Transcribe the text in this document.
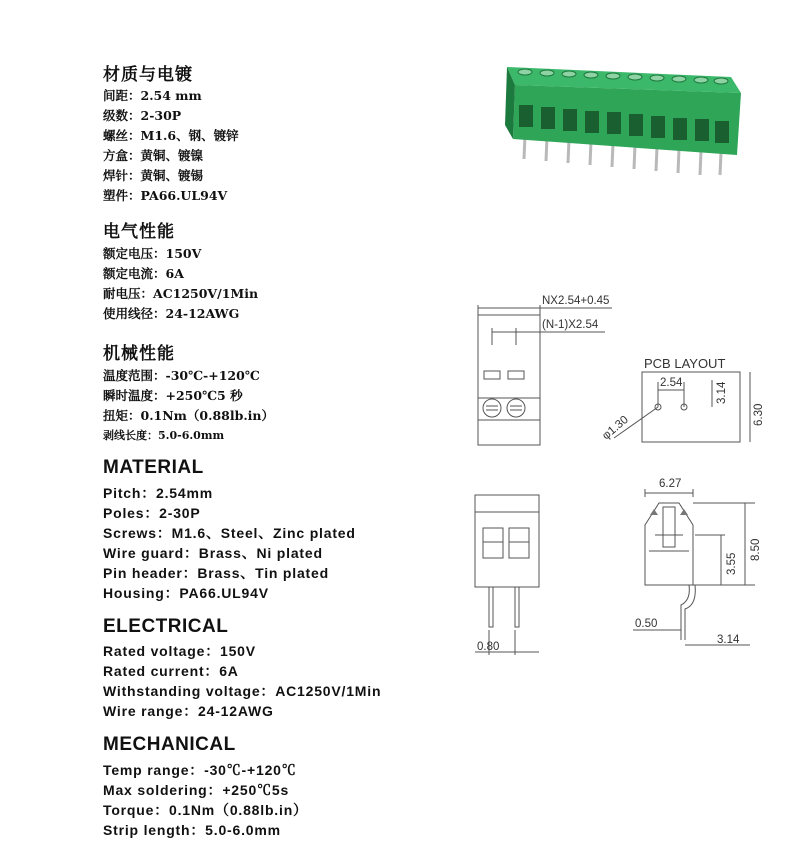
材质与电镀
间距：2.54 mm
级数：2-30P
螺丝：M1.6、钢、镀锌
方盒：黄铜、镀镍
焊针：黄铜、镀锡
塑件：PA66.UL94V
电气性能
额定电压：150V
额定电流：6A
耐电压：AC1250V/1Min
使用线径：24-12AWG
机械性能
温度范围：-30℃-+120℃
瞬时温度：+250℃5 秒
扭矩：0.1Nm（0.88lb.in）
剥线长度：5.0-6.0mm
MATERIAL
Pitch：2.54mm
Poles：2-30P
Screws：M1.6、Steel、Zinc plated
Wire guard：Brass、Ni plated
Pin header：Brass、Tin plated
Housing：PA66.UL94V
ELECTRICAL
Rated voltage：150V
Rated current：6A
Withstanding voltage：AC1250V/1Min
Wire range：24-12AWG
MECHANICAL
Temp range：-30℃-+120℃
Max soldering：+250℃5s
Torque：0.1Nm（0.88lb.in）
Strip length：5.0-6.0mm
NX2.54+0.45
(N-1)X2.54
PCB LAYOUT
2.54	3.14
6.30
φ1.30
0.80
6.27
8.50
3.55
0.50
3.14
